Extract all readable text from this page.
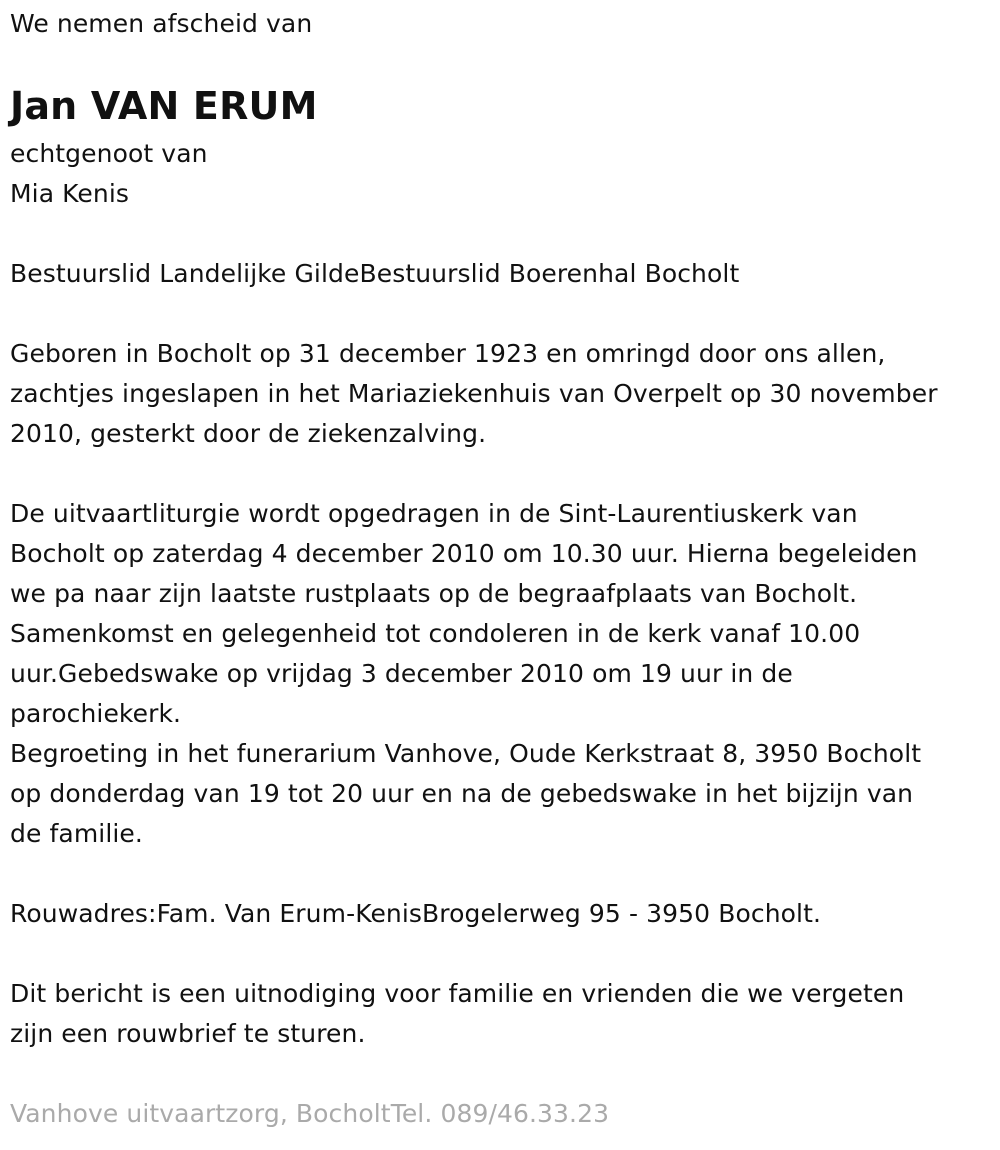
We nemen afscheid van
Jan VAN ERUM
echtgenoot van
Mia Kenis
Bestuurslid Landelijke GildeBestuurslid Boerenhal Bocholt
Geboren in Bocholt op 31 december 1923 en omringd door ons allen,
zachtjes ingeslapen in het Mariaziekenhuis van Overpelt op 30 november
2010, gesterkt door de ziekenzalving.
De uitvaartliturgie wordt opgedragen in de Sint-Laurentiuskerk van
Bocholt op zaterdag 4 december 2010 om 10.30 uur. Hierna begeleiden
we pa naar zijn laatste rustplaats op de begraafplaats van Bocholt.
Samenkomst en gelegenheid tot condoleren in de kerk vanaf 10.00
uur.Gebedswake op vrijdag 3 december 2010 om 19 uur in de
parochiekerk.
Begroeting in het funerarium Vanhove, Oude Kerkstraat 8, 3950 Bocholt
op donderdag van 19 tot 20 uur en na de gebedswake in het bijzijn van
de familie.
Rouwadres:Fam. Van Erum-KenisBrogelerweg 95 - 3950 Bocholt.
Dit bericht is een uitnodiging voor familie en vrienden die we vergeten
zijn een rouwbrief te sturen.
Vanhove uitvaartzorg, BocholtTel. 089/46.33.23
